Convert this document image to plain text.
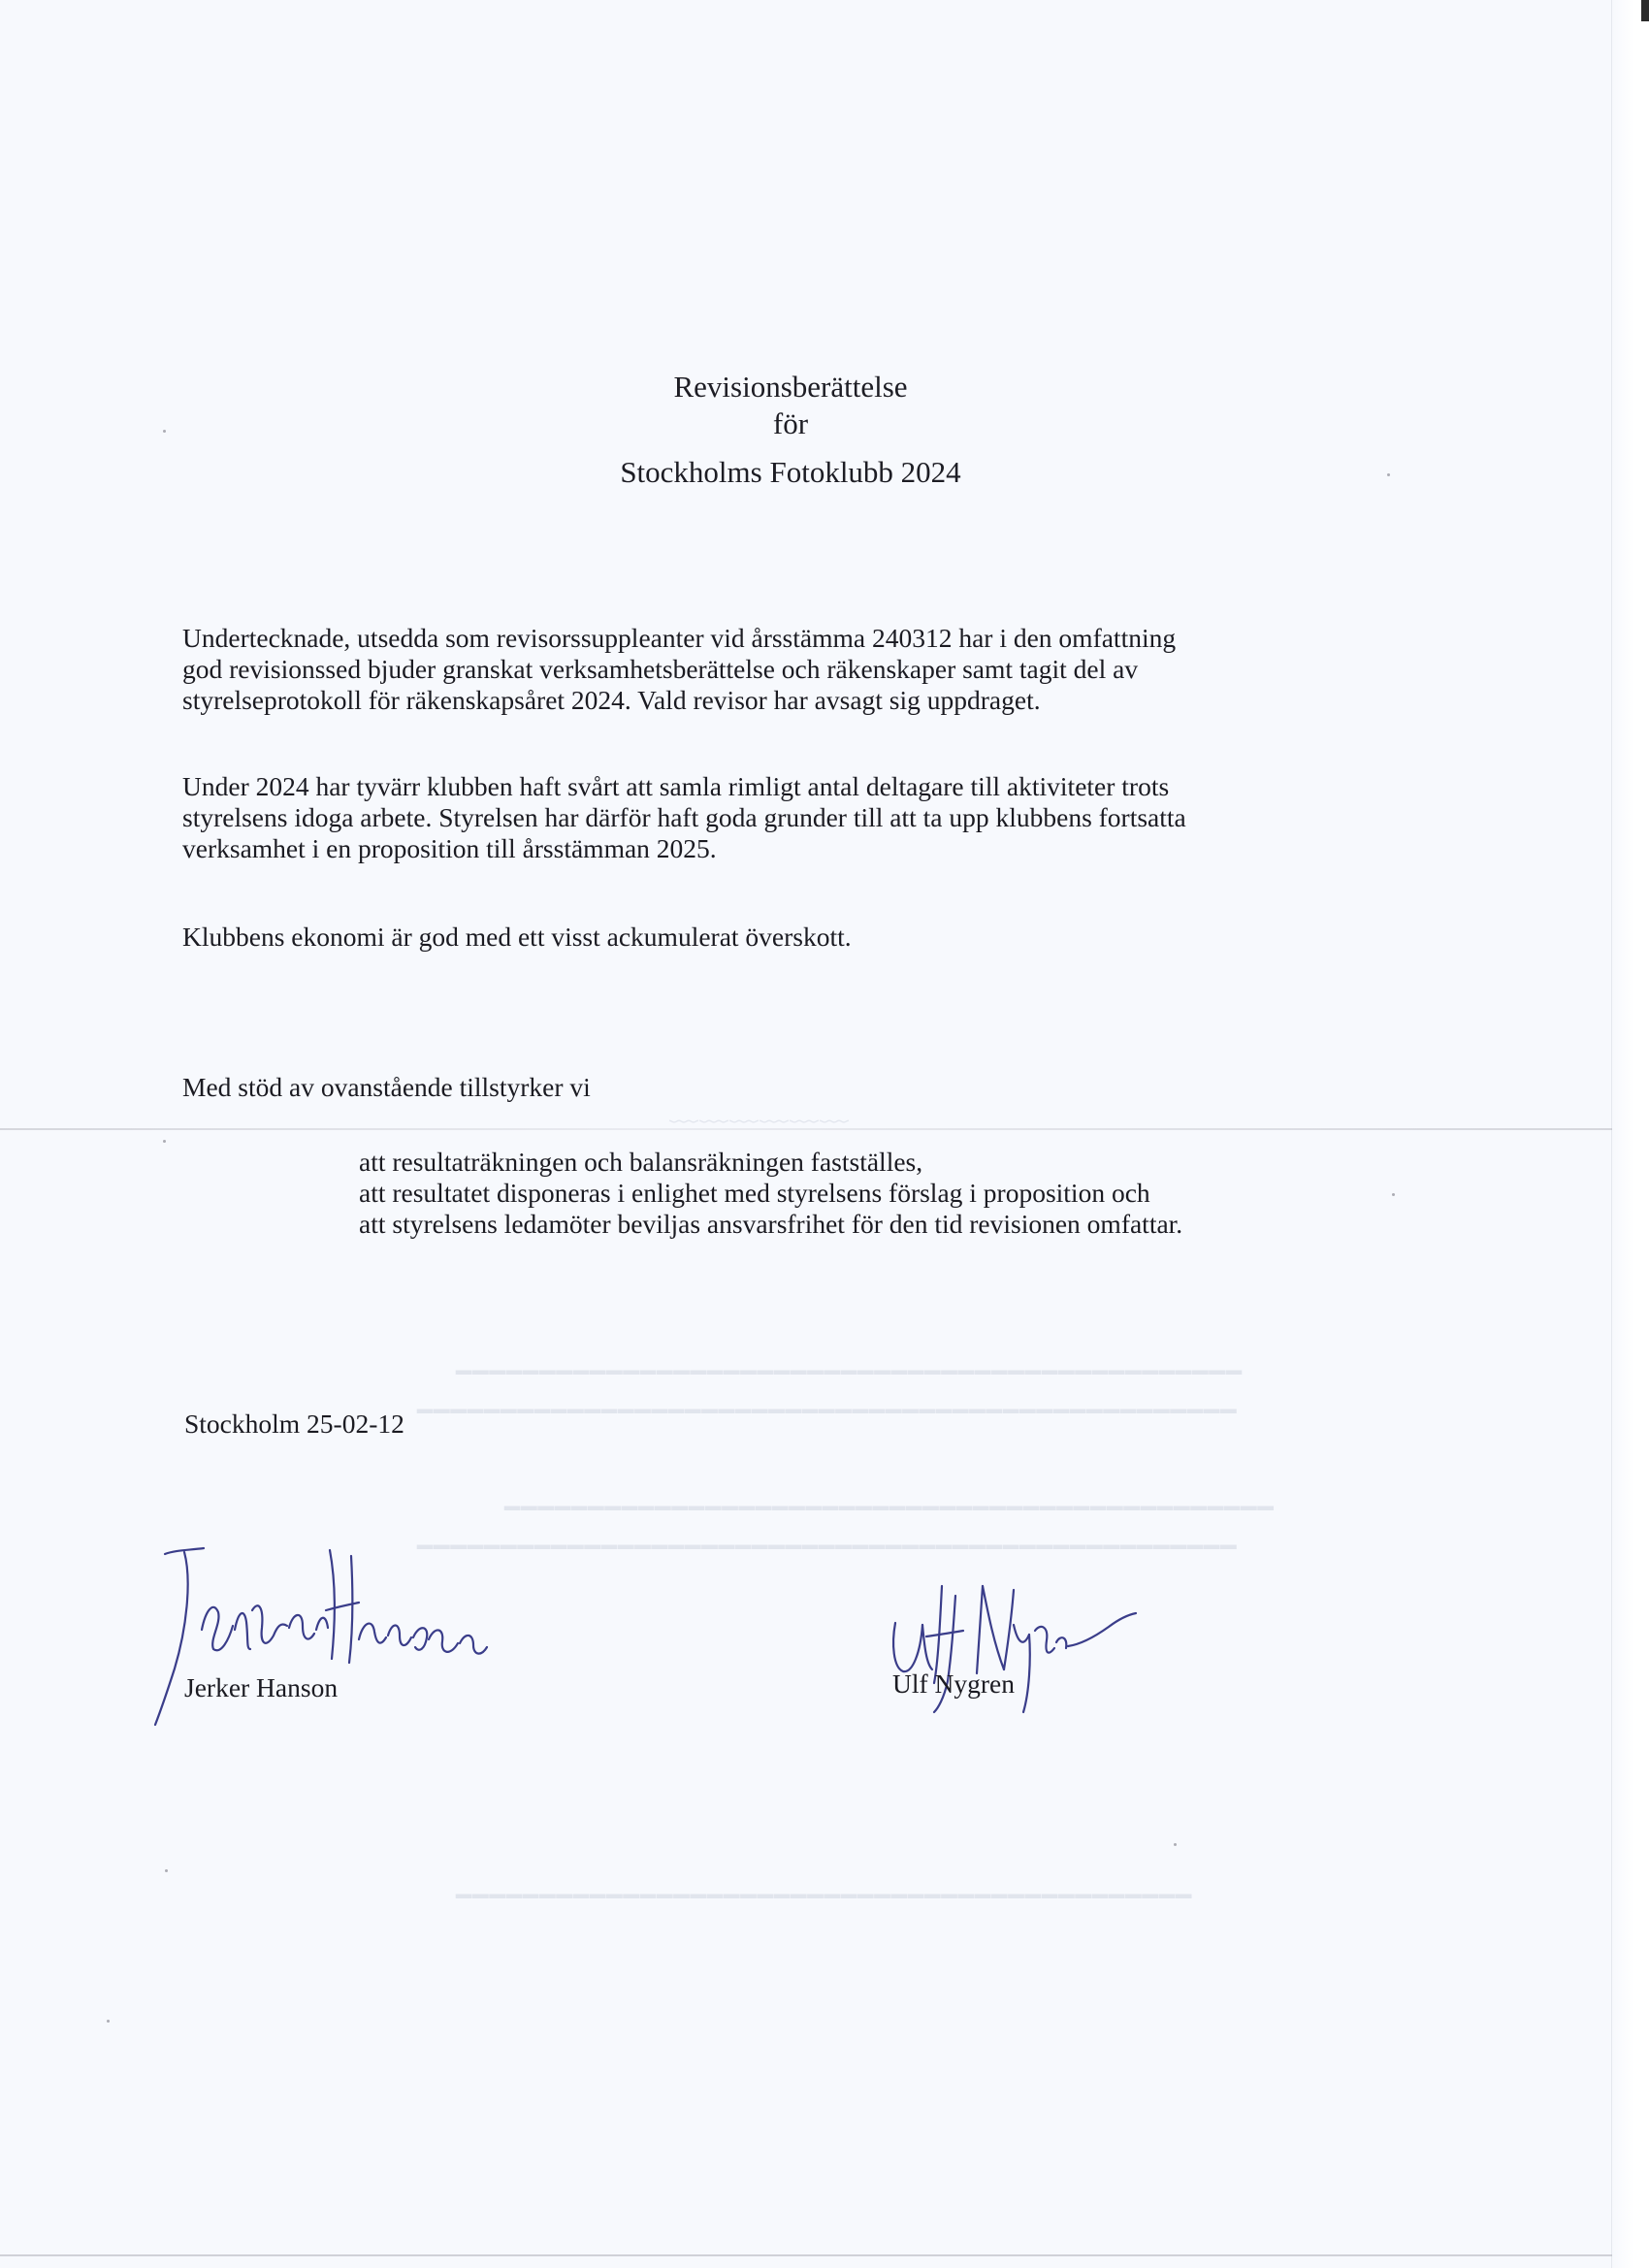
﹏﹏﹏﹏﹏﹏
━━━━━━━━━━━━━━━━━━━━━━━━━━━━━━━━━━━━━━━━━━━━━━━
━━━━━━━━━━━━━━━━━━━━━━━━━━━━━━━━━━━━━━━━━━━━━━━━━
━━━━━━━━━━━━━━━━━━━━━━━━━━━━━━━━━━━━━━━━━━━━━━
━━━━━━━━━━━━━━━━━━━━━━━━━━━━━━━━━━━━━━━━━━━━━━━━━
━━━━━━━━━━━━━━━━━━━━━━━━━━━━━━━━━━━━━━━━━━━━
Revisionsberättelse
för
Stockholms Fotoklubb 2024

Undertecknade, utsedda som revisorssuppleanter vid årsstämma 240312 har i den omfattning
god revisionssed bjuder granskat verksamhetsberättelse och räkenskaper samt tagit del av
styrelseprotokoll för räkenskapsåret 2024. Vald revisor har avsagt sig uppdraget.

Under 2024 har tyvärr klubben haft svårt att samla rimligt antal deltagare till aktiviteter trots
styrelsens idoga arbete. Styrelsen har därför haft goda grunder till att ta upp klubbens fortsatta
verksamhet i en proposition till årsstämman 2025.

Klubbens ekonomi är god med ett visst ackumulerat överskott.

Med stöd av ovanstående tillstyrker vi

att resultaträkningen och balansräkningen fastställes,
att resultatet disponeras i enlighet med styrelsens förslag i proposition och
att styrelsens ledamöter beviljas ansvarsfrihet för den tid revisionen omfattar.
Stockholm 25-02-12
Jerker Hanson	Ulf Nygren
